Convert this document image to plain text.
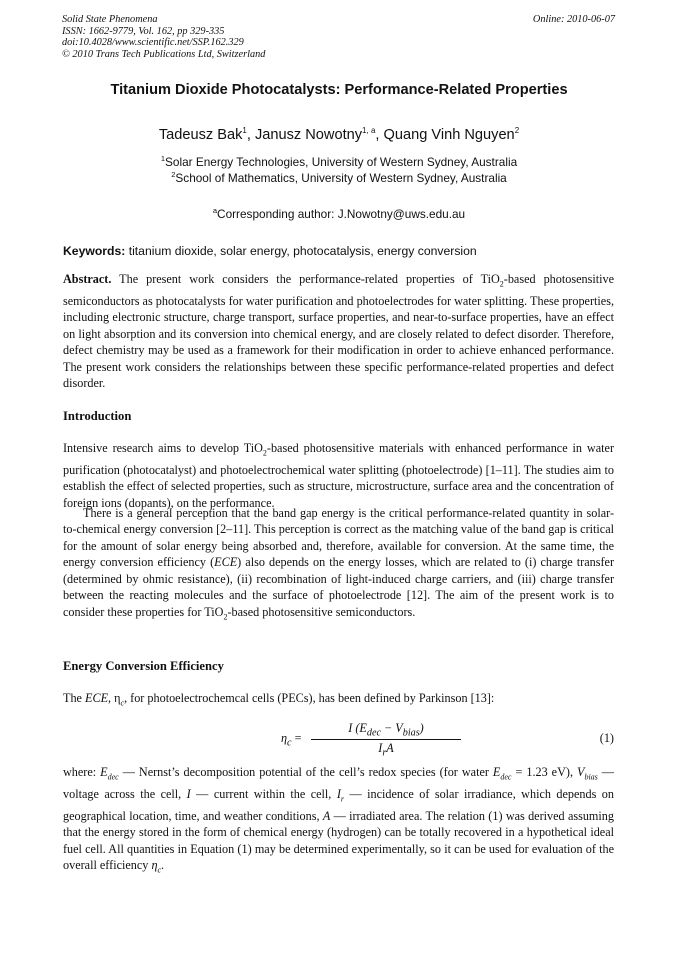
Solid State Phenomena
ISSN: 1662-9779, Vol. 162, pp 329-335
doi:10.4028/www.scientific.net/SSP.162.329
© 2010 Trans Tech Publications Ltd, Switzerland
Online: 2010-06-07
Titanium Dioxide Photocatalysts: Performance-Related Properties
Tadeusz Bak$^1$, Janusz Nowotny$^{1, a}$, Quang Vinh Nguyen$^2$
$^1$Solar Energy Technologies, University of Western Sydney, Australia
$^2$School of Mathematics, University of Western Sydney, Australia
$^a$Corresponding author: J.Nowotny@uws.edu.au
Keywords: titanium dioxide, solar energy, photocatalysis, energy conversion
Abstract. The present work considers the performance-related properties of TiO$_2$-based photosensitive semiconductors as photocatalysts for water purification and photoelectrodes for water splitting. These properties, including electronic structure, charge transport, surface properties, and near-to-surface properties, have an effect on light absorption and its conversion into chemical energy, and are closely related to defect disorder. Therefore, defect chemistry may be used as a framework for their modification in order to achieve enhanced performance. The present work considers the relationships between these specific performance-related properties and defect disorder.
Introduction
Intensive research aims to develop TiO$_2$-based photosensitive materials with enhanced performance in water purification (photocatalyst) and photoelectrochemical water splitting (photoelectrode) [1–11]. The studies aim to establish the effect of selected properties, such as structure, microstructure, surface area and the concentration of foreign ions (dopants), on the performance.
There is a general perception that the band gap energy is the critical performance-related quantity in solar-to-chemical energy conversion [2–11]. This perception is correct as the matching value of the band gap is critical for the amount of solar energy being absorbed and, therefore, available for conversion. At the same time, the energy conversion efficiency (ECE) also depends on the energy losses, which are related to (i) charge transfer (determined by ohmic resistance), (ii) recombination of light-induced charge carriers, and (iii) charge transfer between the reacting molecules and the surface of photoelectrode [12]. The aim of the present work is to consider these properties for TiO$_2$-based photosensitive semiconductors.
Energy Conversion Efficiency
The ECE, $\eta_c$, for photoelectrochemcal cells (PECs), has been defined by Parkinson [13]:
$\eta_c$ =
I $(E_{dec} - V_{bias})$
$I_rA$
(1)
where: $E_{dec}$ — Nernst’s decomposition potential of the cell’s redox species (for water $E_{dec} = 1.23$ eV), $V_{bias}$ — voltage across the cell, I — current within the cell, $I_r$ — incidence of solar irradiance, which depends on geographical location, time, and weather conditions, A — irradiated area. The relation (1) was derived assuming that the energy stored in the form of chemical energy (hydrogen) can be totally recovered in a hypothetical ideal fuel cell. All quantities in Equation (1) may be determined experimentally, so it can be used for evaluation of the overall efficiency $\eta_c$.
